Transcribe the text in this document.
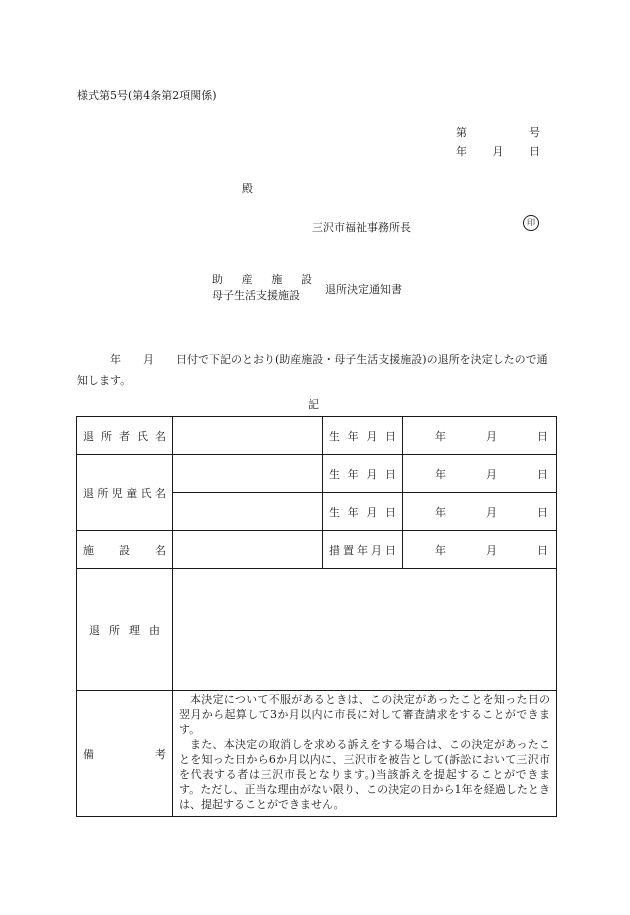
様式第5号(第4条第2項関係)
第	号
年 月 日
殿
三沢市福祉事務所長	印
助　産　施　設
母子生活支援施設	退所決定通知書
　　　年　　月　　日付で下記のとおり(助産施設・母子生活支援施設)の退所を決定したので通知します。
記
退所者氏名		生年月日	年 月 日

退所児童氏名		生年月日	年 月 日

		生年月日	年 月 日

施設名		措置年月日	年 月 日

退所理由			

備考	本決定について不服があるときは、この決定があったことを知った日の翌月から起算して3か月以内に市長に対して審査請求をすることができます。

また、本決定の取消しを求める訴えをする場合は、この決定があったことを知った日から6か月以内に、三沢市を被告として(訴訟において三沢市を代表する者は三沢市長となります。)当該訴えを提起することができます。ただし、正当な理由がない限り、この決定の日から1年を経過したときは、提起することができません。		
